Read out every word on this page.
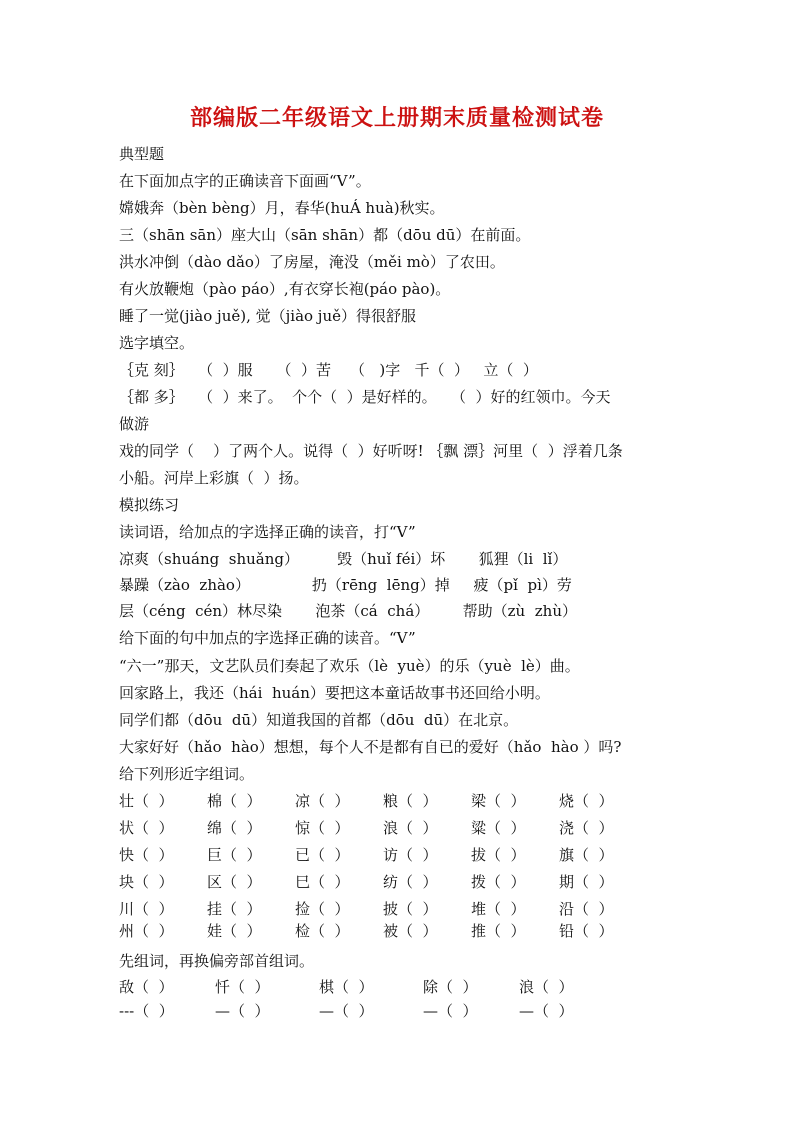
部编版二年级语文上册期末质量检测试卷
典型题
在下面加点字的正确读音下面画“V”。
嫦娥奔（bèn bèng）月，春华(huÁ huà)秋实。
三（shān sān）座大山（sān shān）都（dōu dū）在前面。
洪水冲倒（dào dǎo）了房屋，淹没（měi mò）了农田。
有火放鞭炮（pào páo）,有衣穿长袍(páo pào)。
睡了一觉(jiào juě), 觉（jiào juě）得很舒服
选字填空。
｛克 刻｝   （  ）服     （  ）苦    （   )字   千（  ）   立（  ）
｛都 多｝   （  ）来了。  个个（  ）是好样的。   （  ）好的红领巾。今天
做游
戏的同学（    ）了两个人。说得（  ）好听呀! ｛飘 漂｝河里（  ）浮着几条
小船。河岸上彩旗（  ）扬。
模拟练习
读词语，给加点的字选择正确的读音，打“V”
凉爽（shuáng  shuǎng）        毁（huǐ féi）坏       狐狸（li  lǐ）
暴躁（zào  zhào）             扔（rēng  lēng）掉     疲（pǐ  pì）劳
层（céng  cén）林尽染       泡茶（cá  chá）       帮助（zù  zhù）
给下面的句中加点的字选择正确的读音。“V”
“六一”那天，文艺队员们奏起了欢乐（lè  yuè）的乐（yuè  lè）曲。
回家路上，我还（hái  huán）要把这本童话故事书还回给小明。
同学们都（dōu  dū）知道我国的首都（dōu  dū）在北京。
大家好好（hǎo  hào）想想，每个人不是都有自已的爱好（hǎo  hào ）吗?
给下列形近字组词。
壮（  ） 棉（  ） 凉（  ） 粮（  ） 梁（  ） 烧（  ）
状（  ） 绵（  ） 惊（  ） 浪（  ） 粱（  ） 浇（  ）
快（  ） 巨（  ） 已（  ） 访（  ） 拔（  ） 旗（  ）
块（  ） 区（  ） 巳（  ） 纺（  ） 拨（  ） 期（  ）
川（  ） 挂（  ） 捡（  ） 披（  ） 堆（  ） 沿（  ）
州（  ） 娃（  ） 检（  ） 被（  ） 推（  ） 铅（  ）
先组词，再换偏旁部首组词。
敌（  ）	忏（  ）	棋（  ）	除（  ）	浪（  ）
---（  ）	—（  ）	—（  ）	—（  ）	—（  ）
